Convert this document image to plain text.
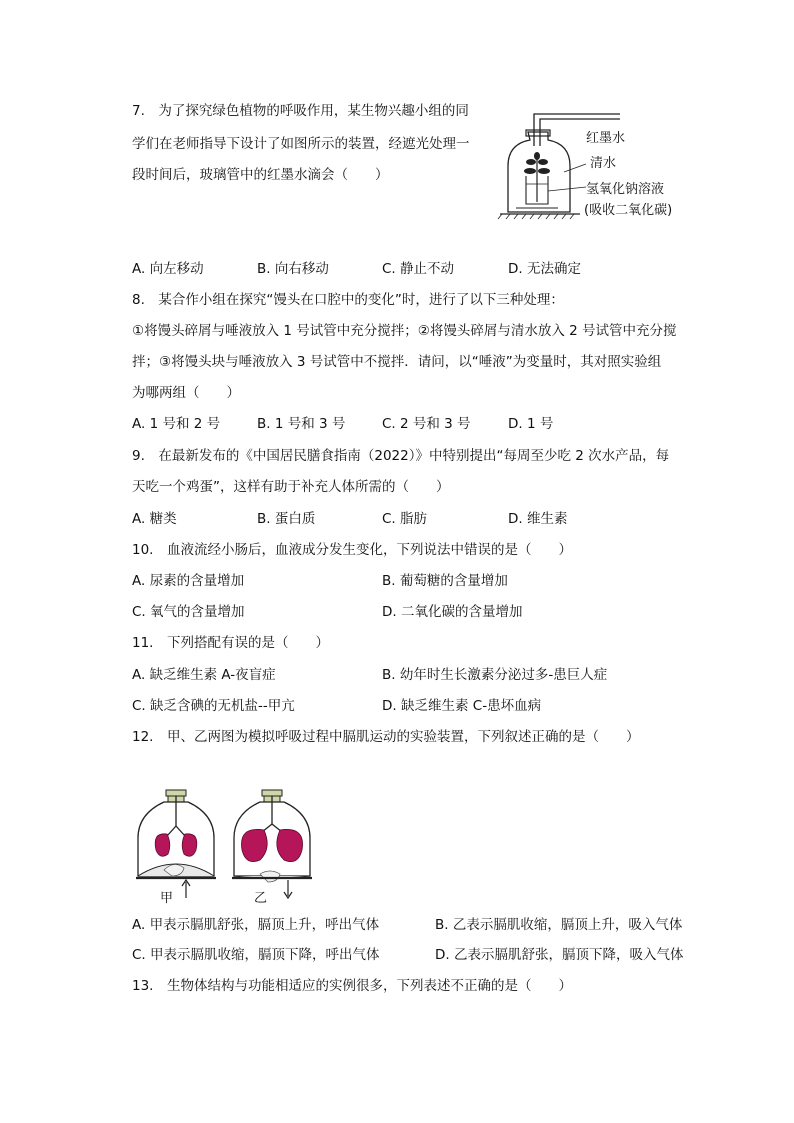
7.　为了探究绿色植物的呼吸作用，某生物兴趣小组的同
学们在老师指导下设计了如图所示的装置，经遮光处理一
段时间后，玻璃管中的红墨水滴会（　　）
红墨水
清水
氢氧化钠溶液
(吸收二氧化碳)
A. 向左移动	B. 向右移动	C. 静止不动	D. 无法确定
8.　某合作小组在探究“馒头在口腔中的变化”时，进行了以下三种处理：
①将馒头碎屑与唾液放入 1 号试管中充分搅拌；②将馒头碎屑与清水放入 2 号试管中充分搅
拌；③将馒头块与唾液放入 3 号试管中不搅拌．请问，以“唾液”为变量时，其对照实验组
为哪两组（　　）
A. 1 号和 2 号	B. 1 号和 3 号	C. 2 号和 3 号	D. 1 号
9.　在最新发布的《中国居民膳食指南（2022）》中特别提出“每周至少吃 2 次水产品，每
天吃一个鸡蛋”，这样有助于补充人体所需的（　　）
A. 糖类	B. 蛋白质	C. 脂肪	D. 维生素
10.　血液流经小肠后，血液成分发生变化，下列说法中错误的是（　　）
A. 尿素的含量增加	B. 葡萄糖的含量增加
C. 氧气的含量增加	D. 二氧化碳的含量增加
11.　下列搭配有误的是（　　）
A. 缺乏维生素 A-夜盲症	B. 幼年时生长激素分泌过多-患巨人症
C. 缺乏含碘的无机盐--甲亢	D. 缺乏维生素 C-患坏血病
12.　甲、乙两图为模拟呼吸过程中膈肌运动的实验装置，下列叙述正确的是（　　）
甲	乙
A. 甲表示膈肌舒张，膈顶上升，呼出气体	B. 乙表示膈肌收缩，膈顶上升，吸入气体
C. 甲表示膈肌收缩，膈顶下降，呼出气体	D. 乙表示膈肌舒张，膈顶下降，吸入气体
13.　生物体结构与功能相适应的实例很多，下列表述不正确的是（　　）
